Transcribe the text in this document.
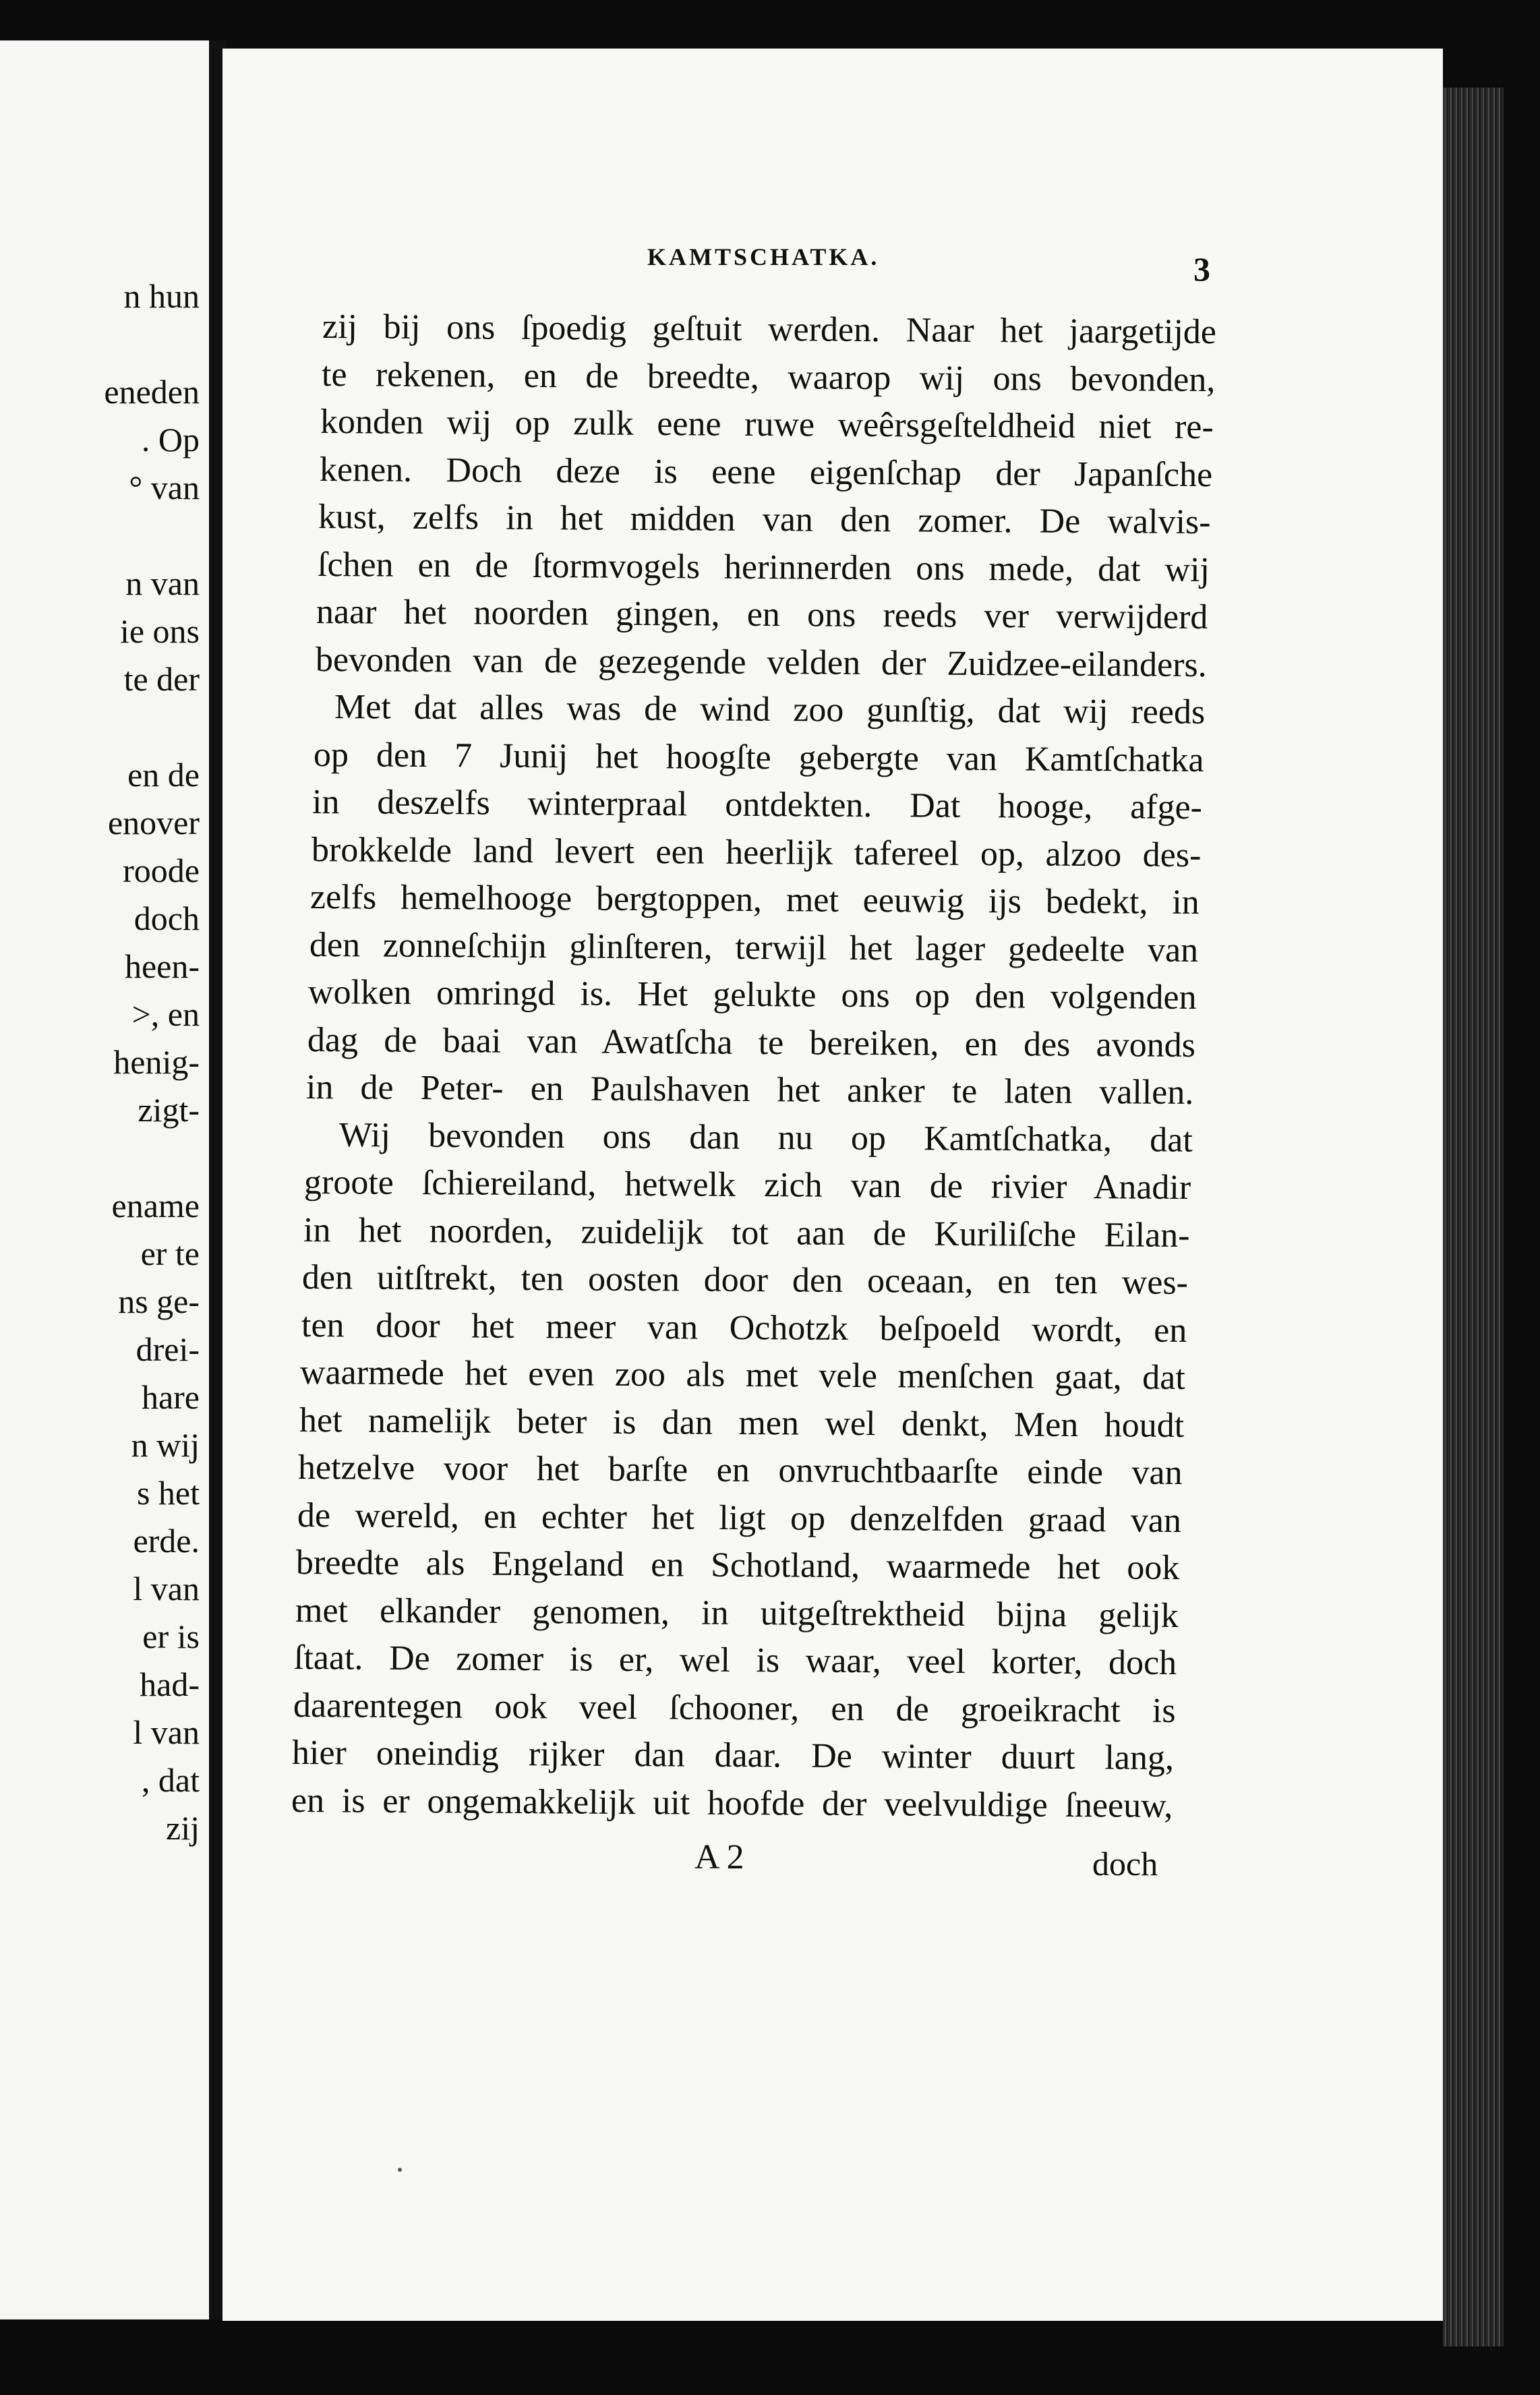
n hun
eneden
. Op
° van
n van
ie ons
te der
en de
enover
roode
doch
heen-
>, en
henig-
zigt-
ename
er te
ns ge-
drei-
hare
n wij
s het
erde.
l van
er is
had-
l van
, dat
zij
KAMTSCHATKA.	3
zij bij ons ſpoedig geſtuit werden. Naar het jaargetijde
te rekenen, en de breedte, waarop wij ons bevonden,
konden wij op zulk eene ruwe weêrsgeſteldheid niet re-
kenen. Doch deze is eene eigenſchap der Japanſche
kust, zelfs in het midden van den zomer. De walvis-
ſchen en de ſtormvogels herinnerden ons mede, dat wij
naar het noorden gingen, en ons reeds ver verwijderd
bevonden van de gezegende velden der Zuidzee-eilanders.
Met dat alles was de wind zoo gunſtig, dat wij reeds
op den 7 Junij het hoogſte gebergte van Kamtſchatka
in deszelfs winterpraal ontdekten. Dat hooge, afge-
brokkelde land levert een heerlijk tafereel op, alzoo des-
zelfs hemelhooge bergtoppen, met eeuwig ijs bedekt, in
den zonneſchijn glinſteren, terwijl het lager gedeelte van
wolken omringd is. Het gelukte ons op den volgenden
dag de baai van Awatſcha te bereiken, en des avonds
in de Peter- en Paulshaven het anker te laten vallen.
Wij bevonden ons dan nu op Kamtſchatka, dat
groote ſchiereiland, hetwelk zich van de rivier Anadir
in het noorden, zuidelijk tot aan de Kuriliſche Eilan-
den uitſtrekt, ten oosten door den oceaan, en ten wes-
ten door het meer van Ochotzk beſpoeld wordt, en
waarmede het even zoo als met vele menſchen gaat, dat
het namelijk beter is dan men wel denkt, Men houdt
hetzelve voor het barſte en onvruchtbaarſte einde van
de wereld, en echter het ligt op denzelfden graad van
breedte als Engeland en Schotland, waarmede het ook
met elkander genomen, in uitgeſtrektheid bijna gelijk
ſtaat. De zomer is er, wel is waar, veel korter, doch
daarentegen ook veel ſchooner, en de groeikracht is
hier oneindig rijker dan daar. De winter duurt lang,
en is er ongemakkelijk uit hoofde der veelvuldige ſneeuw,
A 2	doch
